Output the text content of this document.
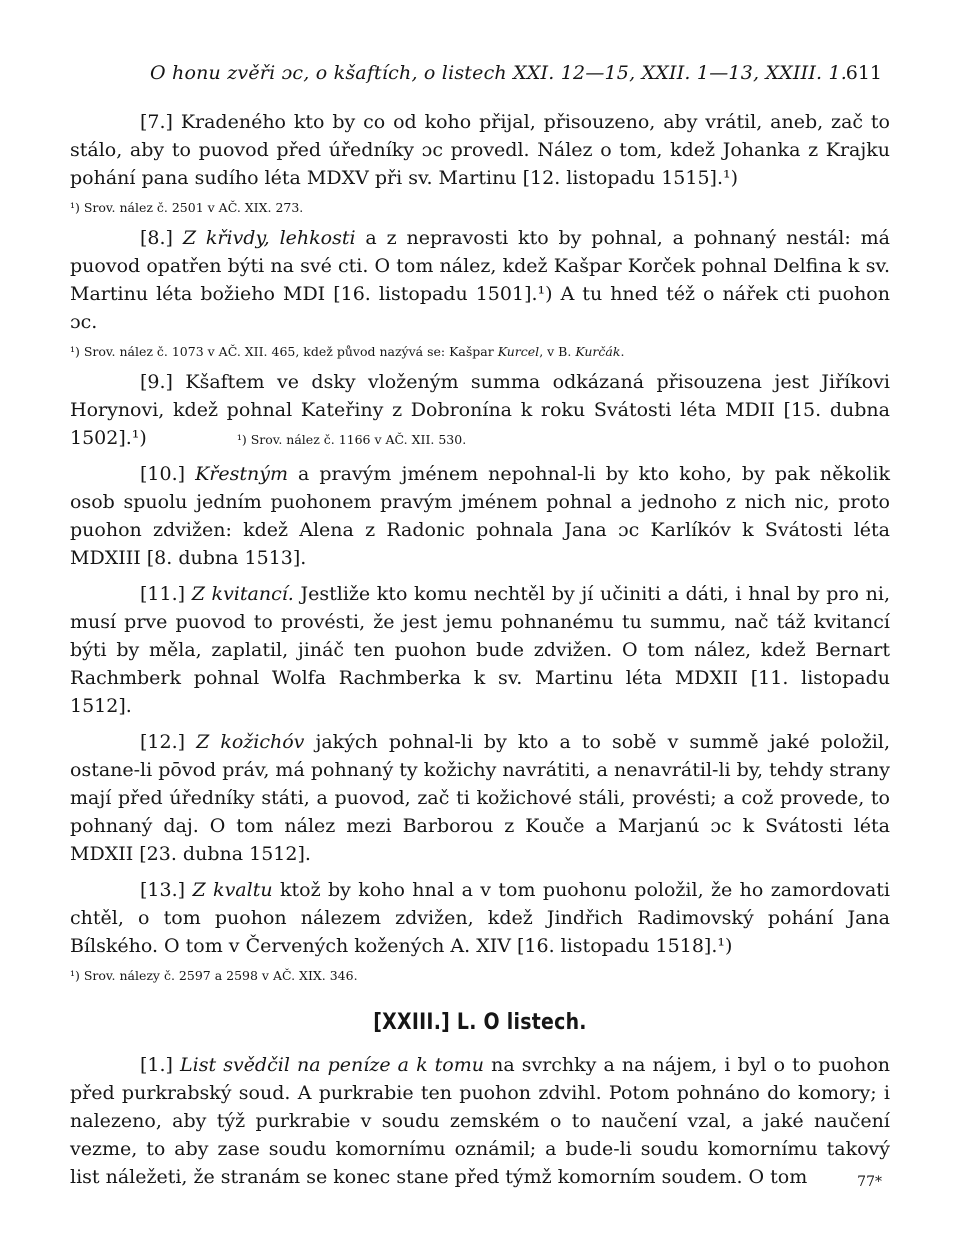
O honu zvěři ɔc, o kšaftích, o listech XXI. 12—15, XXII. 1—13, XXIII. 1.
611

[7.] Kradeného kto by co od koho přijal, přisouzeno, aby vrátil, aneb, zač to stálo, aby to puovod před úředníky ɔc provedl. Nález o tom, kdež Johanka z Krajku pohání pana sudího léta MDXV při sv. Martinu [12. listopadu 1515].¹)

¹) Srov. nález č. 2501 v AČ. XIX. 273.

[8.] Z křivdy, lehkosti a z nepravosti kto by pohnal, a pohnaný nestál: má puovod opatřen býti na své cti. O tom nález, kdež Kašpar Korček pohnal Delfina k sv. Martinu léta božieho MDI [16. listopadu 1501].¹) A tu hned též o nářek cti puohon ɔc.

¹) Srov. nález č. 1073 v AČ. XII. 465, kdež původ nazývá se: Kašpar Kurcel, v B. Kurčák.

[9.] Kšaftem ve dsky vloženým summa odkázaná přisouzena jest Jiříkovi Horynovi, kdež pohnal Kateřiny z Dobronína k roku Svátosti léta MDII [15. dubna 1502].¹)	¹) Srov. nález č. 1166 v AČ. XII. 530.

[10.] Křestným a pravým jménem nepohnal-li by kto koho, by pak několik osob spuolu jedním puohonem pravým jménem pohnal a jednoho z nich nic, proto puohon zdvižen: kdež Alena z Radonic pohnala Jana ɔc Karlíkóv k Svátosti léta MDXIII [8. dubna 1513].

[11.] Z kvitancí. Jestliže kto komu nechtěl by jí učiniti a dáti, i hnal by pro ni, musí prve puovod to provésti, že jest jemu pohnanému tu summu, nač táž kvitancí býti by měla, zaplatil, jináč ten puohon bude zdvižen. O tom nález, kdež Bernart Rachmberk pohnal Wolfa Rachmberka k sv. Martinu léta MDXII [11. listopadu 1512].

[12.] Z kožichóv jakých pohnal-li by kto a to sobě v summě jaké položil, ostane-li pōvod práv, má pohnaný ty kožichy navrátiti, a nenavrátil-li by, tehdy strany mají před úředníky státi, a puovod, zač ti kožichové stáli, provésti; a což provede, to pohnaný daj. O tom nález mezi Barborou z Kouče a Marjanú ɔc k Svátosti léta MDXII [23. dubna 1512].

[13.] Z kvaltu ktož by koho hnal a v tom puohonu položil, že ho zamordovati chtěl, o tom puohon nálezem zdvižen, kdež Jindřich Radimovský pohání Jana Bílského. O tom v Červených kožených A. XIV [16. listopadu 1518].¹)

¹) Srov. nálezy č. 2597 a 2598 v AČ. XIX. 346.
[XXIII.] L. O listech.

[1.] List svědčil na peníze a k tomu na svrchky a na nájem, i byl o to puohon před purkrabský soud. A purkrabie ten puohon zdvihl. Potom pohnáno do komory; i nalezeno, aby týž purkrabie v soudu zemském o to naučení vzal, a jaké naučení vezme, to aby zase soudu komornímu oznámil; a bude-li soudu komornímu takový list náležeti, že stranám se konec stane před týmž komorním soudem. O tom	77*
